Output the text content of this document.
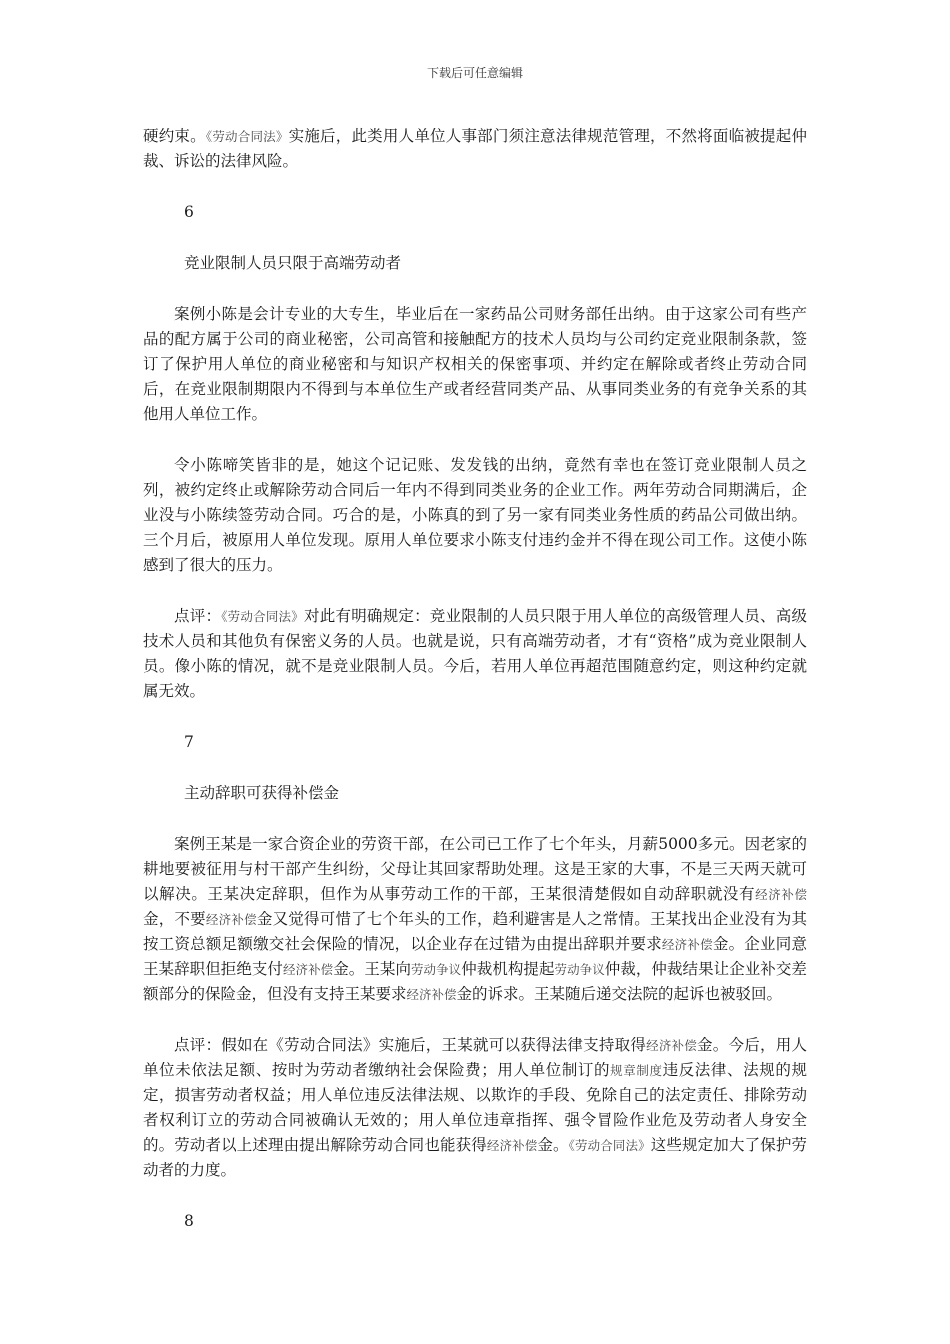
下载后可任意编辑

硬约束。《劳动合同法》实施后，此类用人单位人事部门须注意法律规范管理，不然将面临被提起仲裁、诉讼的法律风险。

6

竞业限制人员只限于高端劳动者

案例小陈是会计专业的大专生，毕业后在一家药品公司财务部任出纳。由于这家公司有些产品的配方属于公司的商业秘密，公司高管和接触配方的技术人员均与公司约定竞业限制条款，签订了保护用人单位的商业秘密和与知识产权相关的保密事项、并约定在解除或者终止劳动合同后，在竞业限制期限内不得到与本单位生产或者经营同类产品、从事同类业务的有竞争关系的其他用人单位工作。

令小陈啼笑皆非的是，她这个记记账、发发钱的出纳，竟然有幸也在签订竞业限制人员之列，被约定终止或解除劳动合同后一年内不得到同类业务的企业工作。两年劳动合同期满后，企业没与小陈续签劳动合同。巧合的是，小陈真的到了另一家有同类业务性质的药品公司做出纳。三个月后，被原用人单位发现。原用人单位要求小陈支付违约金并不得在现公司工作。这使小陈感到了很大的压力。

点评：《劳动合同法》对此有明确规定：竞业限制的人员只限于用人单位的高级管理人员、高级技术人员和其他负有保密义务的人员。也就是说，只有高端劳动者，才有“资格”成为竞业限制人员。像小陈的情况，就不是竞业限制人员。今后，若用人单位再超范围随意约定，则这种约定就属无效。

7

主动辞职可获得补偿金

案例王某是一家合资企业的劳资干部，在公司已工作了七个年头，月薪5000多元。因老家的耕地要被征用与村干部产生纠纷，父母让其回家帮助处理。这是王家的大事，不是三天两天就可以解决。王某决定辞职，但作为从事劳动工作的干部，王某很清楚假如自动辞职就没有经济补偿金，不要经济补偿金又觉得可惜了七个年头的工作，趋利避害是人之常情。王某找出企业没有为其按工资总额足额缴交社会保险的情况，以企业存在过错为由提出辞职并要求经济补偿金。企业同意王某辞职但拒绝支付经济补偿金。王某向劳动争议仲裁机构提起劳动争议仲裁，仲裁结果让企业补交差额部分的保险金，但没有支持王某要求经济补偿金的诉求。王某随后递交法院的起诉也被驳回。

点评：假如在《劳动合同法》实施后，王某就可以获得法律支持取得经济补偿金。今后，用人单位未依法足额、按时为劳动者缴纳社会保险费；用人单位制订的规章制度违反法律、法规的规定，损害劳动者权益；用人单位违反法律法规、以欺诈的手段、免除自己的法定责任、排除劳动者权利订立的劳动合同被确认无效的；用人单位违章指挥、强令冒险作业危及劳动者人身安全的。劳动者以上述理由提出解除劳动合同也能获得经济补偿金。《劳动合同法》这些规定加大了保护劳动者的力度。

8
